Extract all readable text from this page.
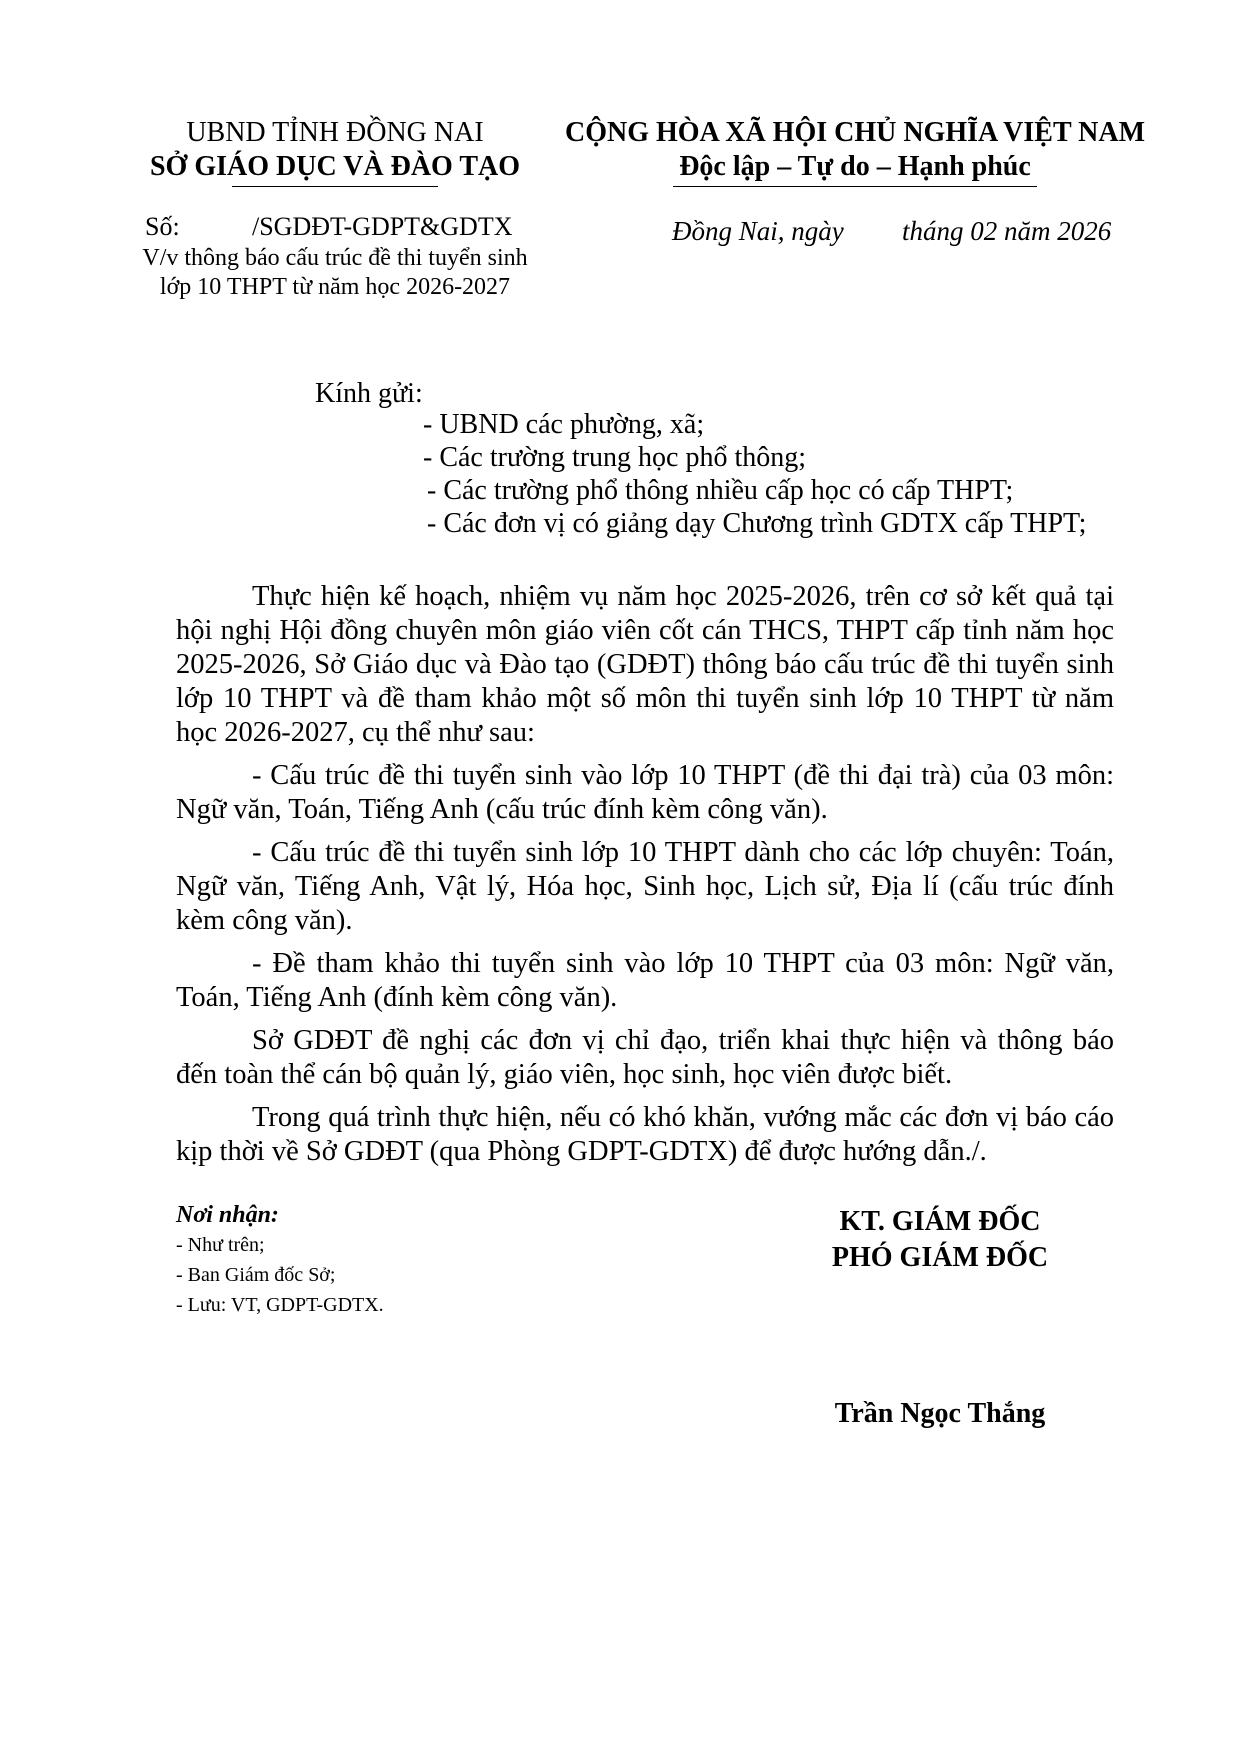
UBND TỈNH ĐỒNG NAI
SỞ GIÁO DỤC VÀ ĐÀO TẠO
CỘNG HÒA XÃ HỘI CHỦ NGHĨA VIỆT NAM
Độc lập – Tự do – Hạnh phúc
Số:	/SGDĐT-GDPT&GDTX
V/v thông báo cấu trúc đề thi tuyển sinh
lớp 10 THPT từ năm học 2026-2027
Đồng Nai, ngày tháng 02 năm 2026
Kính gửi:
- UBND các phường, xã;
- Các trường trung học phổ thông;
- Các trường phổ thông nhiều cấp học có cấp THPT;
- Các đơn vị có giảng dạy Chương trình GDTX cấp THPT;

Thực hiện kế hoạch, nhiệm vụ năm học 2025-2026, trên cơ sở kết quả tại hội nghị Hội đồng chuyên môn giáo viên cốt cán THCS, THPT cấp tỉnh năm học 2025-2026, Sở Giáo dục và Đào tạo (GDĐT) thông báo cấu trúc đề thi tuyển sinh lớp 10 THPT và đề tham khảo một số môn thi tuyển sinh lớp 10 THPT từ năm học 2026-2027, cụ thể như sau:

- Cấu trúc đề thi tuyển sinh vào lớp 10 THPT (đề thi đại trà) của 03 môn: Ngữ văn, Toán, Tiếng Anh (cấu trúc đính kèm công văn).

- Cấu trúc đề thi tuyển sinh lớp 10 THPT dành cho các lớp chuyên: Toán, Ngữ văn, Tiếng Anh, Vật lý, Hóa học, Sinh học, Lịch sử, Địa lí (cấu trúc đính kèm công văn).

- Đề tham khảo thi tuyển sinh vào lớp 10 THPT của 03 môn: Ngữ văn, Toán, Tiếng Anh (đính kèm công văn).

Sở GDĐT đề nghị các đơn vị chỉ đạo, triển khai thực hiện và thông báo đến toàn thể cán bộ quản lý, giáo viên, học sinh, học viên được biết.

Trong quá trình thực hiện, nếu có khó khăn, vướng mắc các đơn vị báo cáo kịp thời về Sở GDĐT (qua Phòng GDPT-GDTX) để được hướng dẫn./.

Nơi nhận:
- Như trên;
- Ban Giám đốc Sở;
- Lưu: VT, GDPT-GDTX.
KT. GIÁM ĐỐC
PHÓ GIÁM ĐỐC
Trần Ngọc Thắng
